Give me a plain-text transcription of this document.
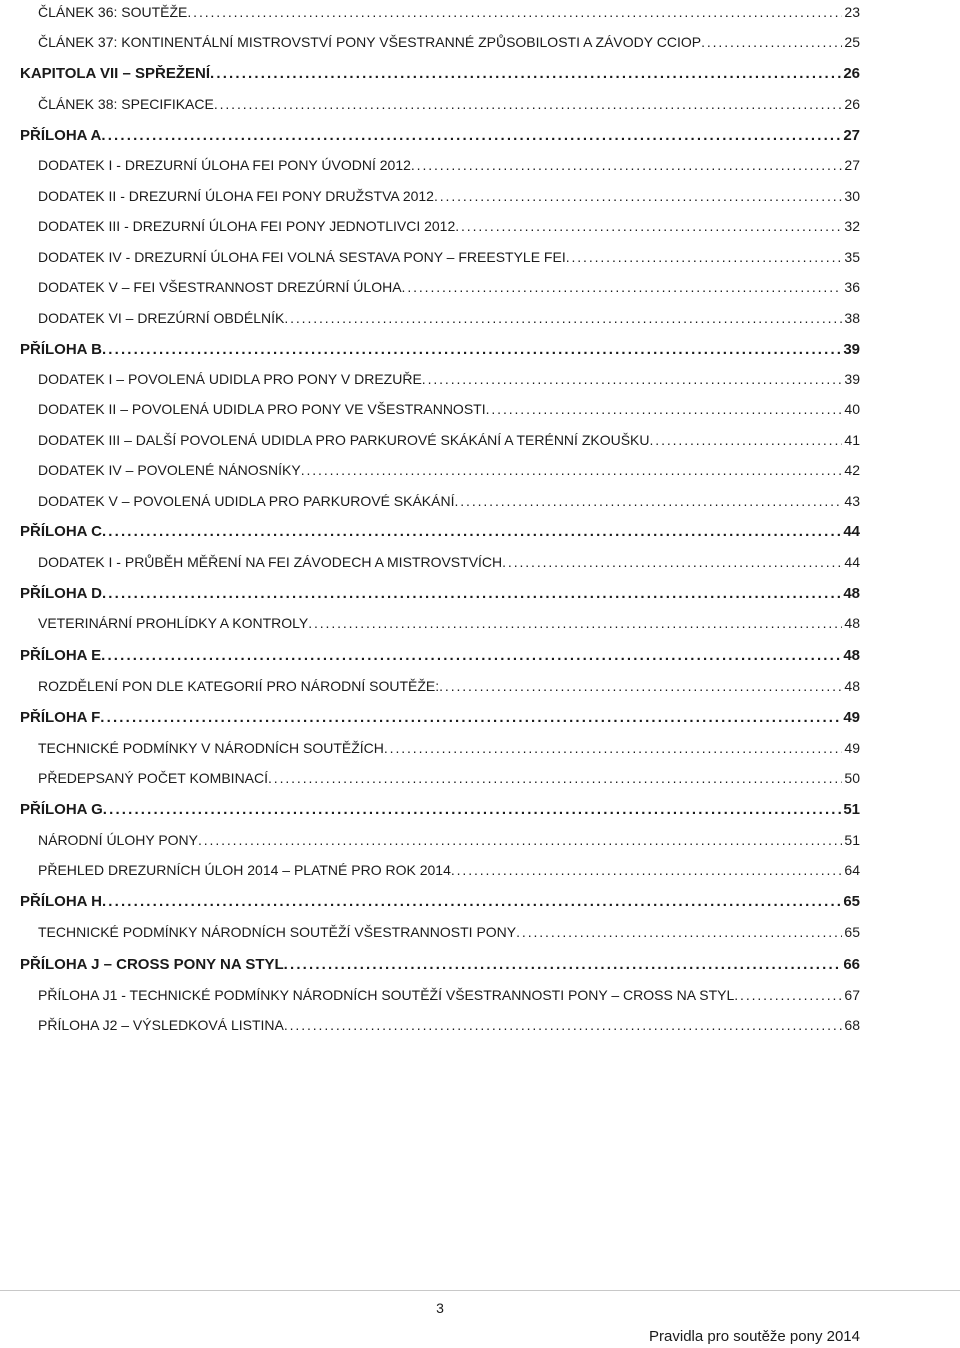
ČLÁNEK 36: SOUTĚŽE . . .	23
ČLÁNEK 37: KONTINENTÁLNÍ MISTROVSTVÍ PONY VŠESTRANNÉ ZPŮSOBILOSTI A ZÁVODY CCIOP . . .	25
KAPITOLA VII – SPŘEŽENÍ . . .	26
ČLÁNEK 38: SPECIFIKACE . . .	26
PŘÍLOHA A . . .	27
DODATEK I - DREZURNÍ ÚLOHA FEI PONY ÚVODNÍ 2012 . . .	27
DODATEK II - DREZURNÍ ÚLOHA FEI PONY DRUŽSTVA 2012 . . .	30
DODATEK III - DREZURNÍ ÚLOHA FEI PONY JEDNOTLIVCI 2012 . . .	32
DODATEK IV - DREZURNÍ ÚLOHA FEI VOLNÁ SESTAVA PONY – FREESTYLE FEI . . .	35
DODATEK V – FEI VŠESTRANNOST DREZÚRNÍ ÚLOHA . . .	36
DODATEK VI – DREZÚRNÍ OBDÉLNÍK . . .	38
PŘÍLOHA B . . .	39
DODATEK I – POVOLENÁ UDIDLA PRO PONY V DREZUŘE . . .	39
DODATEK II – POVOLENÁ UDIDLA PRO PONY VE VŠESTRANNOSTI . . .	40
DODATEK III – DALŠÍ POVOLENÁ UDIDLA PRO PARKUROVÉ SKÁKÁNÍ A TERÉNNÍ ZKOUŠKU . . .	41
DODATEK IV – POVOLENÉ NÁNOSNÍKY . . .	42
DODATEK V – POVOLENÁ UDIDLA PRO PARKUROVÉ SKÁKÁNÍ . . .	43
PŘÍLOHA C . . .	44
DODATEK I - PRŮBĚH MĚŘENÍ NA FEI ZÁVODECH A MISTROVSTVÍCH . . .	44
PŘÍLOHA D . . .	48
VETERINÁRNÍ PROHLÍDKY A KONTROLY . . .	48
PŘÍLOHA E . . .	48
ROZDĚLENÍ PON DLE KATEGORIÍ PRO NÁRODNÍ SOUTĚŽE: . . .	48
PŘÍLOHA F . . .	49
TECHNICKÉ PODMÍNKY V NÁRODNÍCH SOUTĚŽÍCH . . .	49
PŘEDEPSANÝ POČET KOMBINACÍ . . .	50
PŘÍLOHA G . . .	51
NÁRODNÍ ÚLOHY PONY . . .	51
PŘEHLED DREZURNÍCH ÚLOH 2014 – PLATNÉ PRO ROK 2014 . . .	64
PŘÍLOHA H . . .	65
TECHNICKÉ PODMÍNKY NÁRODNÍCH SOUTĚŽÍ VŠESTRANNOSTI PONY . . .	65
PŘÍLOHA J – CROSS PONY NA STYL . . .	66
PŘÍLOHA J1 - TECHNICKÉ PODMÍNKY NÁRODNÍCH SOUTĚŽÍ VŠESTRANNOSTI PONY – CROSS NA STYL . . .	67
PŘÍLOHA J2 – VÝSLEDKOVÁ LISTINA . . .	68
3
Pravidla pro soutěže pony 2014
